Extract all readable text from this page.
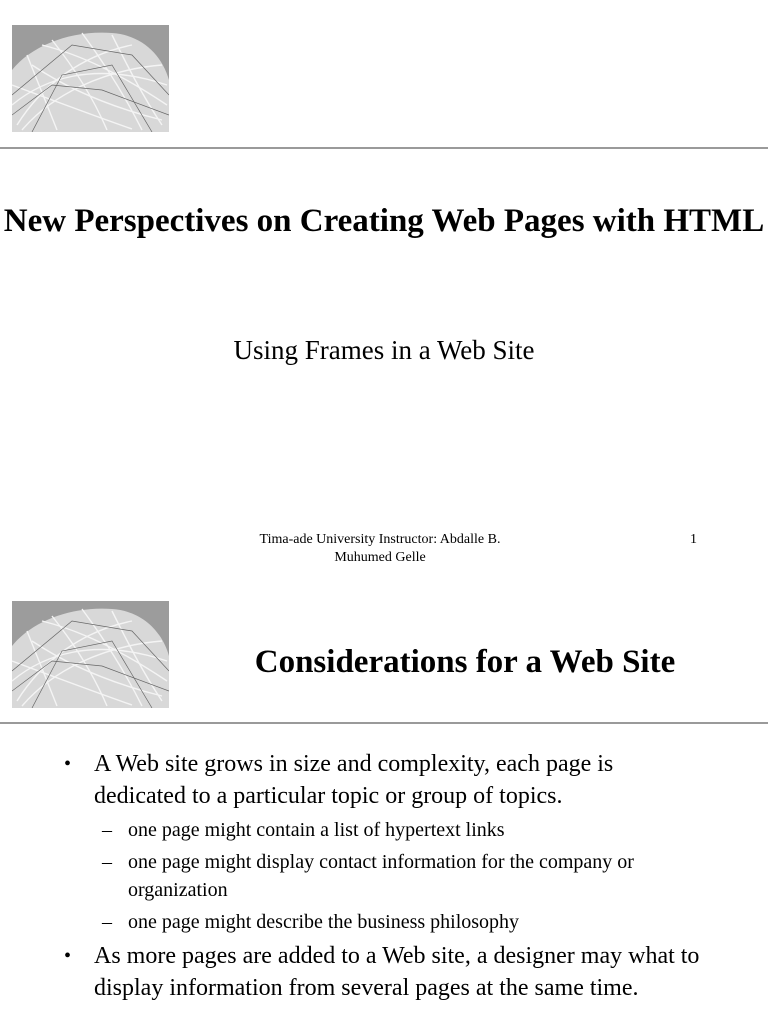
New Perspectives on Creating Web Pages with HTML
Using Frames in a Web Site
Tima-ade University Instructor: Abdalle B. Muhumed Gelle
1
Considerations for a Web Site
• A Web site grows in size and complexity, each page is dedicated to a particular topic or group of topics.
– one page might contain a list of hypertext links
– one page might display contact information for the company or organization
– one page might describe the business philosophy
• As more pages are added to a Web site, a designer may what to display information from several pages at the same time.
